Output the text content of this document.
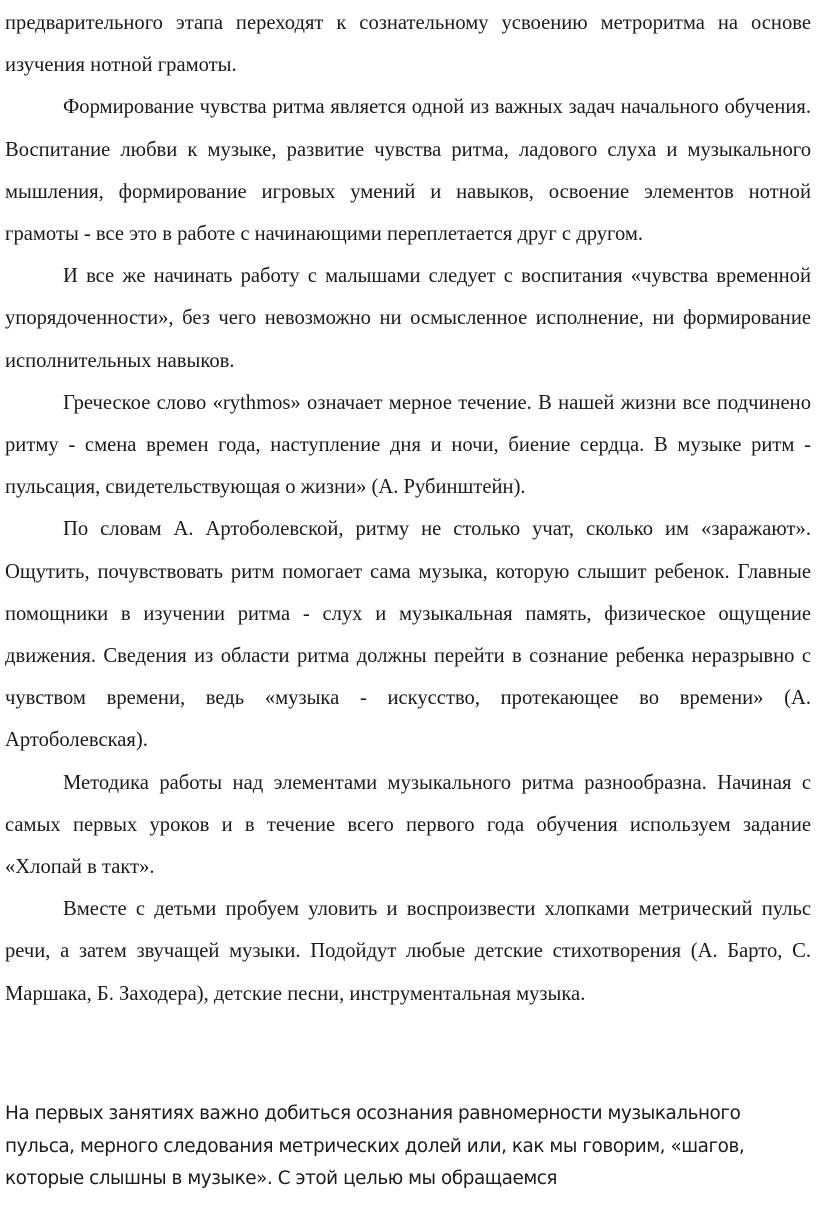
предварительного этапа переходят к сознательному усвоению метроритма на основе изучения нотной грамоты.

Формирование чувства ритма является одной из важных задач начального обучения. Воспитание любви к музыке, развитие чувства ритма, ладового слуха и музыкального мышления, формирование игровых умений и навыков, освоение элементов нотной грамоты - все это в работе с начинающими переплетается друг с другом.

И все же начинать работу с малышами следует с воспитания «чувства временной упорядоченности», без чего невозможно ни осмысленное исполнение, ни формирование исполнительных навыков.

Греческое слово «rythmos» означает мерное течение. В нашей жизни все подчинено ритму - смена времен года, наступление дня и ночи, биение сердца. В музыке ритм - пульсация, свидетельствующая о жизни» (А. Рубинштейн).

По словам А. Артоболевской, ритму не столько учат, сколько им «заражают». Ощутить, почувствовать ритм помогает сама музыка, которую слышит ребенок. Главные помощники в изучении ритма - слух и музыкальная память, физическое ощущение движения. Сведения из области ритма должны перейти в сознание ребенка неразрывно с чувством времени, ведь «музыка - искусство, протекающее во времени» (А. Артоболевская).

Методика работы над элементами музыкального ритма разнообразна. Начиная с самых первых уроков и в течение всего первого года обучения используем задание «Хлопай в такт».

Вместе с детьми пробуем уловить и воспроизвести хлопками метрический пульс речи, а затем звучащей музыки. Подойдут любые детские стихотворения (А. Барто, С. Маршака, Б. Заходера), детские песни, инструментальная музыка.

На первых занятиях важно добиться осознания равномерности музыкального пульса, мерного следования метрических долей или, как мы говорим, «шагов, которые слышны в музыке». С этой целью мы обращаемся
